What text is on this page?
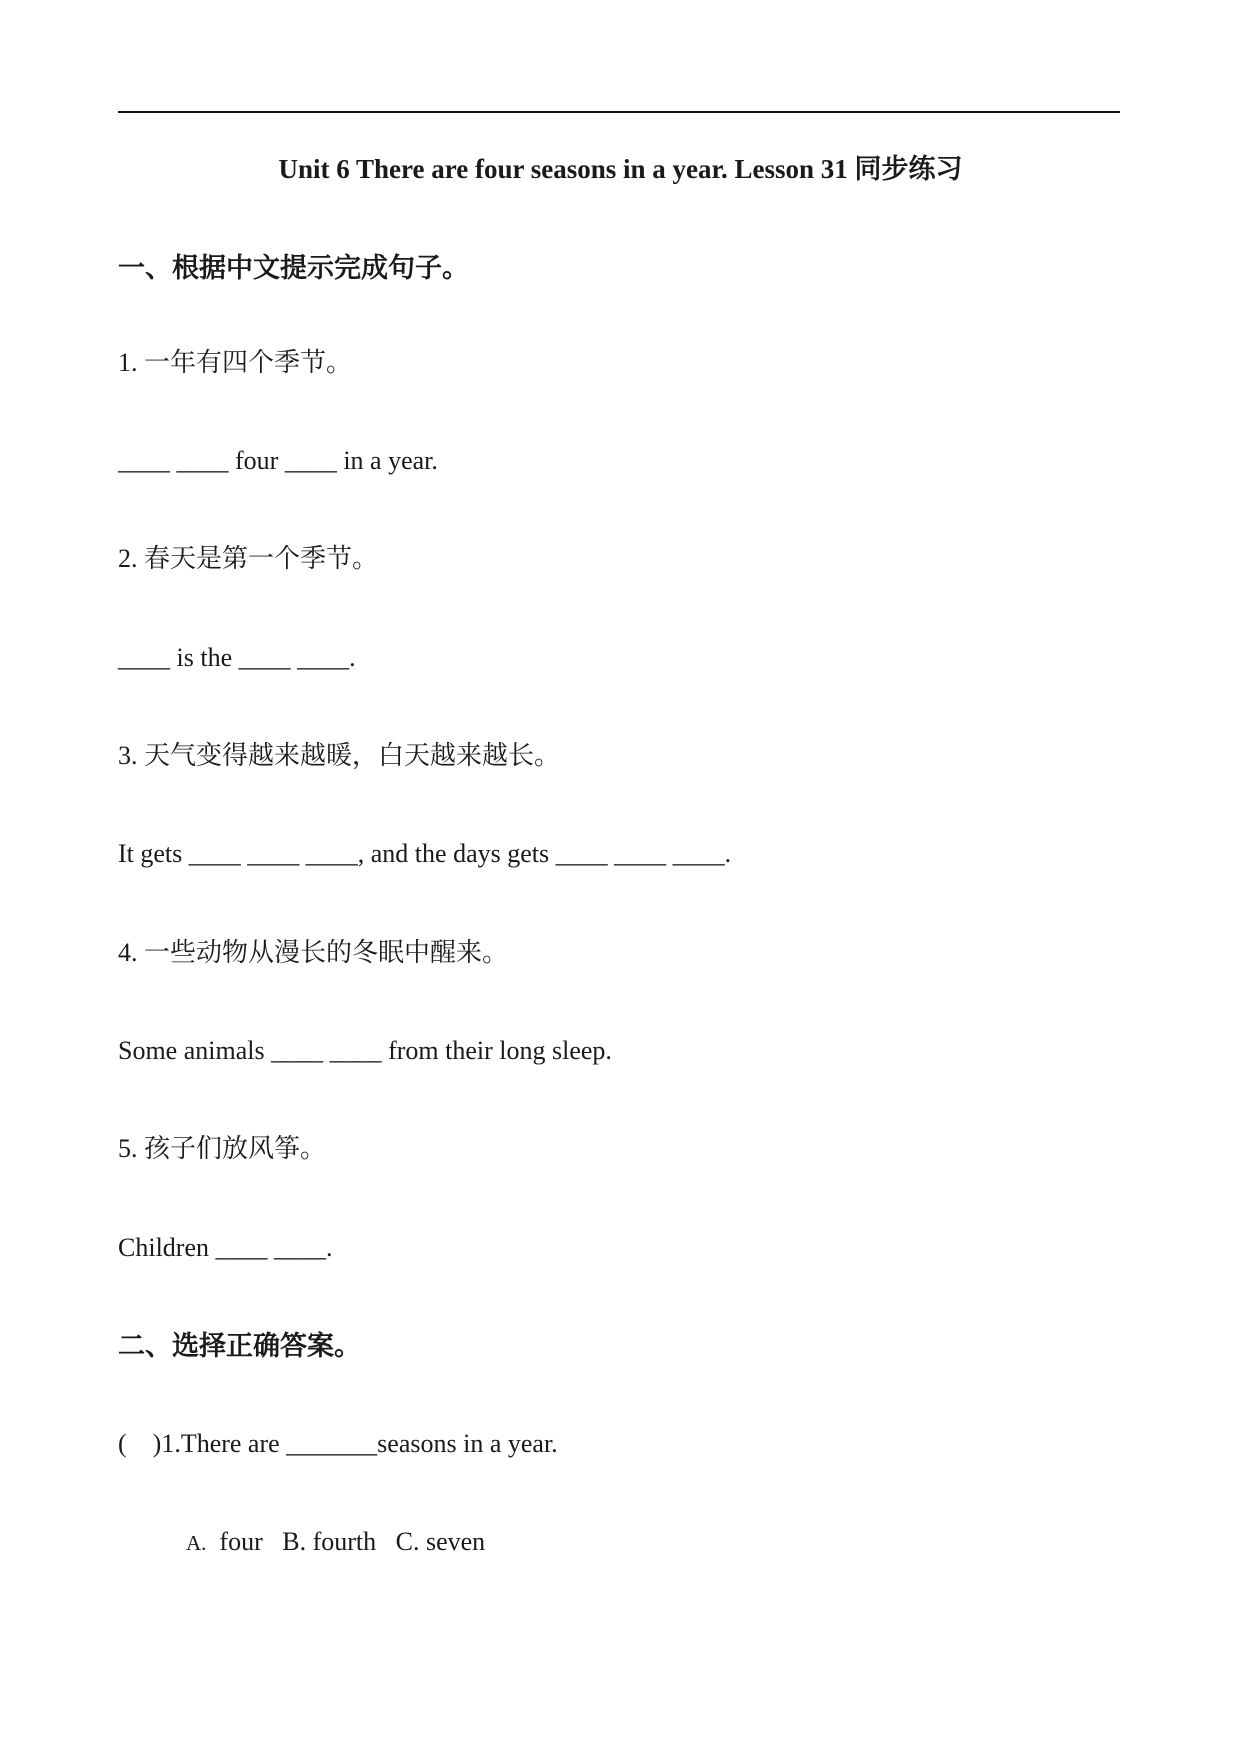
Unit 6 There are four seasons in a year. Lesson 31 同步练习
一、根据中文提示完成句子。
1. 一年有四个季节。
____ ____ four ____ in a year.
2. 春天是第一个季节。
____ is the ____ ____.
3. 天气变得越来越暖，白天越来越长。
It gets ____ ____ ____, and the days gets ____ ____ ____.
4. 一些动物从漫长的冬眠中醒来。
Some animals ____ ____ from their long sleep.
5. 孩子们放风筝。
Children ____ ____.
二、选择正确答案。
(    )1.There are _______seasons in a year.
A. four B. fourth C. seven
